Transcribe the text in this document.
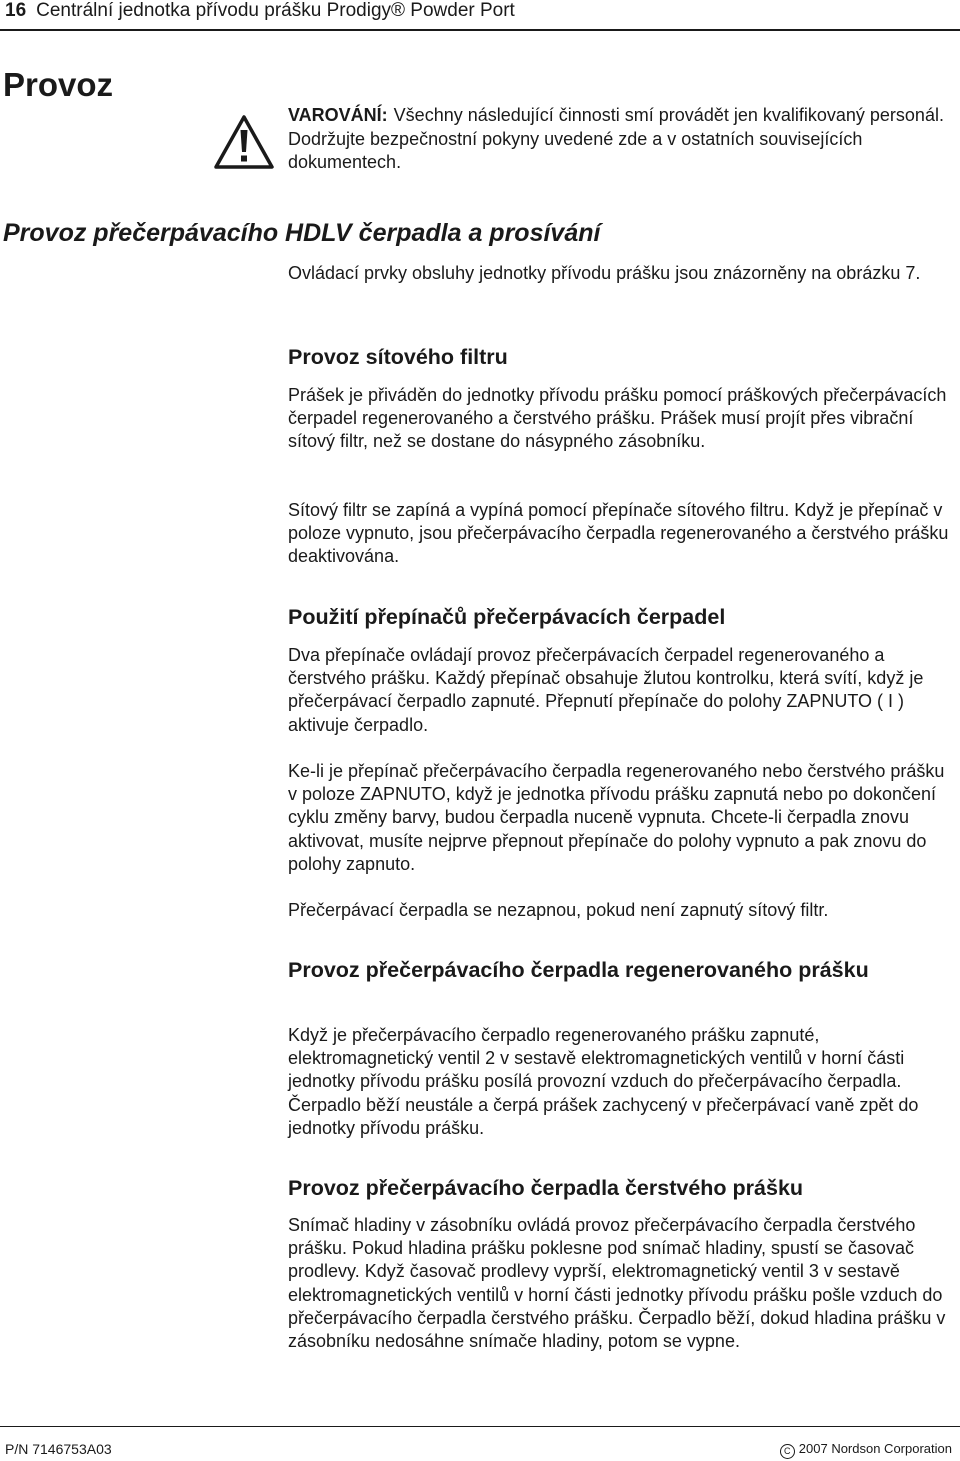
16 Centrální jednotka přívodu prášku Prodigy® Powder Port
Provoz

VAROVÁNÍ: Všechny následující činnosti smí provádět jen kvalifikovaný personál. Dodržujte bezpečnostní pokyny uvedené zde a v ostatních souvisejících dokumentech.

Provoz přečerpávacího HDLV čerpadla a prosívání

Ovládací prvky obsluhy jednotky přívodu prášku jsou znázorněny na obrázku 7.

Provoz sítového filtru

Prášek je přiváděn do jednotky přívodu prášku pomocí práškových přečerpávacích čerpadel regenerovaného a čerstvého prášku. Prášek musí projít přes vibrační sítový filtr, než se dostane do násypného zásobníku.

Sítový filtr se zapíná a vypíná pomocí přepínače sítového filtru. Když je přepínač v poloze vypnuto, jsou přečerpávacího čerpadla regenerovaného a čerstvého prášku deaktivována.

Použití přepínačů přečerpávacích čerpadel

Dva přepínače ovládají provoz přečerpávacích čerpadel regenerovaného a čerstvého prášku. Každý přepínač obsahuje žlutou kontrolku, která svítí, když je přečerpávací čerpadlo zapnuté. Přepnutí přepínače do polohy ZAPNUTO ( I ) aktivuje čerpadlo.

Ke-li je přepínač přečerpávacího čerpadla regenerovaného nebo čerstvého prášku v poloze ZAPNUTO, když je jednotka přívodu prášku zapnutá nebo po dokončení cyklu změny barvy, budou čerpadla nuceně vypnuta. Chcete-li čerpadla znovu aktivovat, musíte nejprve přepnout přepínače do polohy vypnuto a pak znovu do polohy zapnuto.

Přečerpávací čerpadla se nezapnou, pokud není zapnutý sítový filtr.

Provoz přečerpávacího čerpadla regenerovaného prášku

Když je přečerpávacího čerpadlo regenerovaného prášku zapnuté, elektromagnetický ventil 2 v sestavě elektromagnetických ventilů v horní části jednotky přívodu prášku posílá provozní vzduch do přečerpávacího čerpadla. Čerpadlo běží neustále a čerpá prášek zachycený v přečerpávací vaně zpět do jednotky přívodu prášku.

Provoz přečerpávacího čerpadla čerstvého prášku

Snímač hladiny v zásobníku ovládá provoz přečerpávacího čerpadla čerstvého prášku. Pokud hladina prášku poklesne pod snímač hladiny, spustí se časovač prodlevy. Když časovač prodlevy vyprší, elektromagnetický ventil 3 v sestavě elektromagnetických ventilů v horní části jednotky přívodu prášku pošle vzduch do přečerpávacího čerpadla čerstvého prášku. Čerpadlo běží, dokud hladina prášku v zásobníku nedosáhne snímače hladiny, potom se vypne.

P/N 7146753A03	C 2007 Nordson Corporation
